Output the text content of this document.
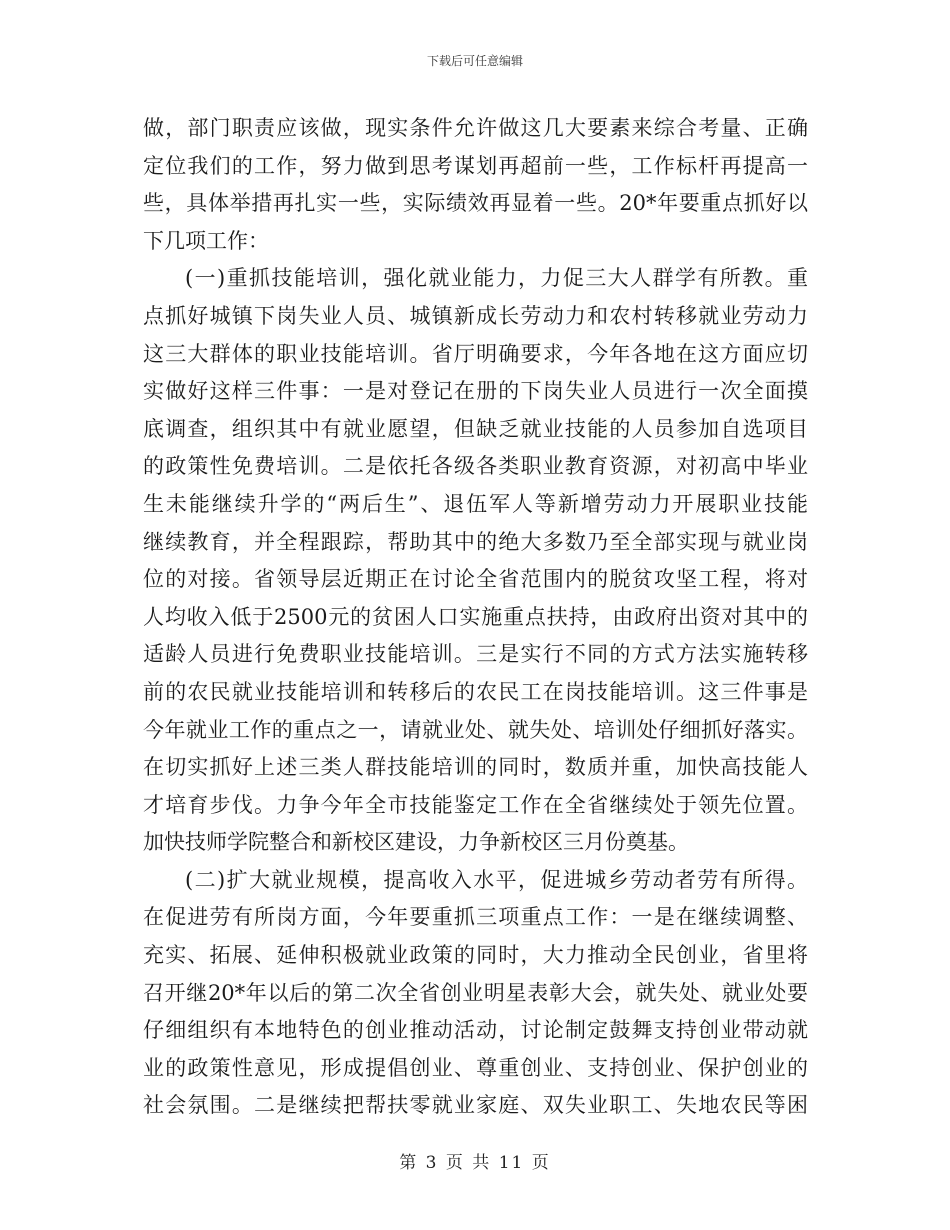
下载后可任意编辑
做，部门职责应该做，现实条件允许做这几大要素来综合考量、正确
定位我们的工作，努力做到思考谋划再超前一些，工作标杆再提高一
些，具体举措再扎实一些，实际绩效再显着一些。20*年要重点抓好以
下几项工作：
(一)重抓技能培训，强化就业能力，力促三大人群学有所教。重
点抓好城镇下岗失业人员、城镇新成长劳动力和农村转移就业劳动力
这三大群体的职业技能培训。省厅明确要求，今年各地在这方面应切
实做好这样三件事：一是对登记在册的下岗失业人员进行一次全面摸
底调查，组织其中有就业愿望，但缺乏就业技能的人员参加自选项目
的政策性免费培训。二是依托各级各类职业教育资源，对初高中毕业
生未能继续升学的“两后生”、退伍军人等新增劳动力开展职业技能
继续教育，并全程跟踪，帮助其中的绝大多数乃至全部实现与就业岗
位的对接。省领导层近期正在讨论全省范围内的脱贫攻坚工程，将对
人均收入低于2500元的贫困人口实施重点扶持，由政府出资对其中的
适龄人员进行免费职业技能培训。三是实行不同的方式方法实施转移
前的农民就业技能培训和转移后的农民工在岗技能培训。这三件事是
今年就业工作的重点之一，请就业处、就失处、培训处仔细抓好落实。
在切实抓好上述三类人群技能培训的同时，数质并重，加快高技能人
才培育步伐。力争今年全市技能鉴定工作在全省继续处于领先位置。
加快技师学院整合和新校区建设，力争新校区三月份奠基。
(二)扩大就业规模，提高收入水平，促进城乡劳动者劳有所得。
在促进劳有所岗方面，今年要重抓三项重点工作：一是在继续调整、
充实、拓展、延伸积极就业政策的同时，大力推动全民创业，省里将
召开继20*年以后的第二次全省创业明星表彰大会，就失处、就业处要
仔细组织有本地特色的创业推动活动，讨论制定鼓舞支持创业带动就
业的政策性意见，形成提倡创业、尊重创业、支持创业、保护创业的
社会氛围。二是继续把帮扶零就业家庭、双失业职工、失地农民等困
第 3 页 共 11 页
